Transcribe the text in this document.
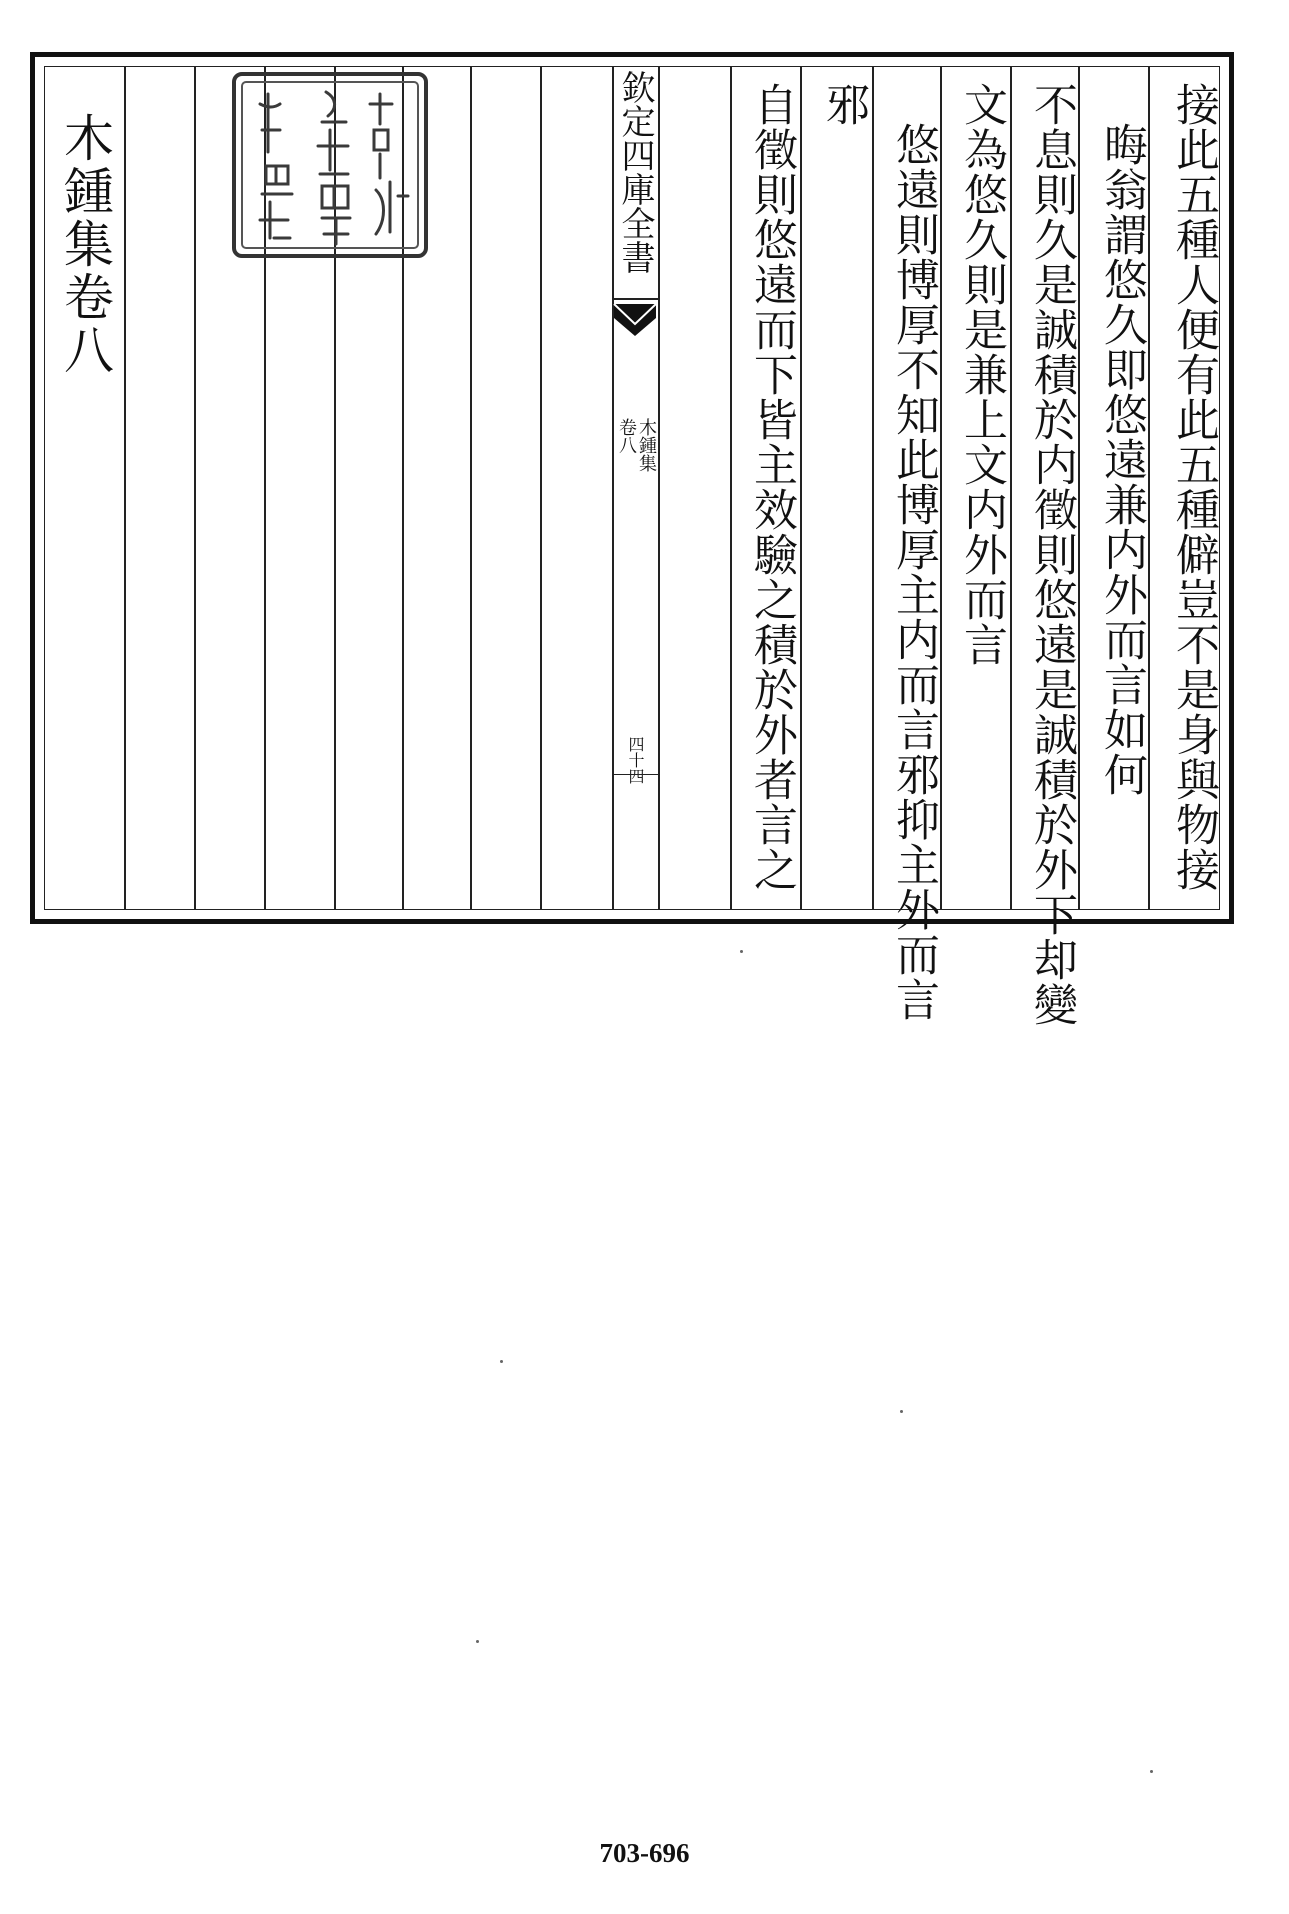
木鍾集卷八	欽定四庫全書
木鍾集
卷八
四十四	接此五種人便有此五種僻豈不是身與物接
晦翁謂悠久即悠遠兼内外而言如何
不息則久是誠積於内徵則悠遠是誠積於外下却變
文為悠久則是兼上文内外而言
悠遠則博厚不知此博厚主内而言邪抑主外而言
邪
自徵則悠遠而下皆主效驗之積於外者言之
703-696
